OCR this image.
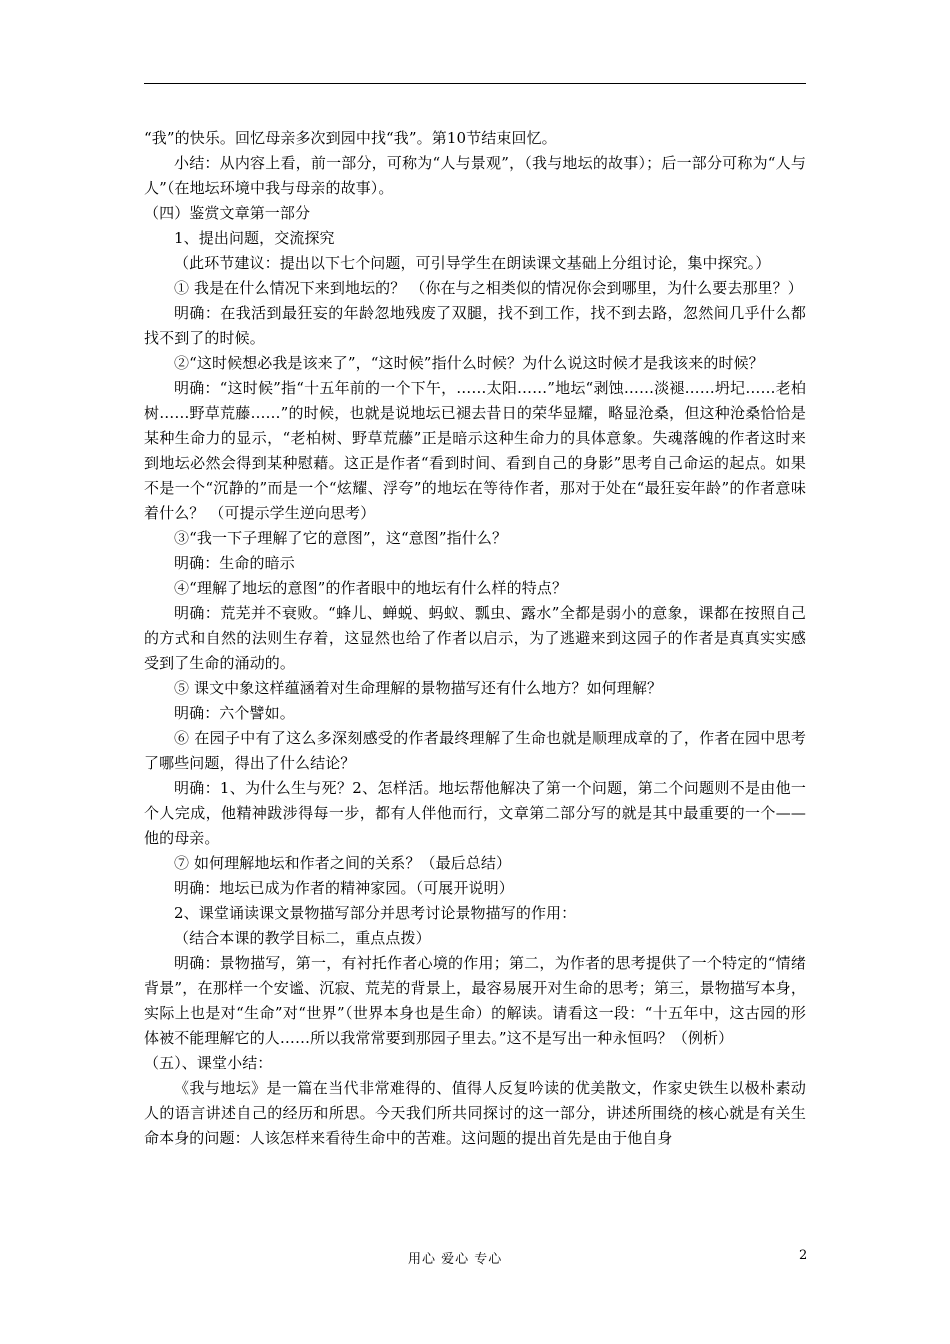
“我”的快乐。回忆母亲多次到园中找“我”。第10节结束回忆。

小结：从内容上看，前一部分，可称为“人与景观”，（我与地坛的故事）；后一部分可称为“人与人”（在地坛环境中我与母亲的故事）。

（四）鉴赏文章第一部分

1、提出问题，交流探究

（此环节建议：提出以下七个问题，可引导学生在朗读课文基础上分组讨论，集中探究。）

① 我是在什么情况下来到地坛的？ （你在与之相类似的情况你会到哪里，为什么要去那里？）

明确：在我活到最狂妄的年龄忽地残废了双腿，找不到工作，找不到去路，忽然间几乎什么都找不到了的时候。

②“这时候想必我是该来了”，“这时候”指什么时候？为什么说这时候才是我该来的时候？

明确：“这时候”指“十五年前的一个下午，……太阳……”地坛“剥蚀……淡褪……坍圮……老柏树……野草荒藤……”的时候，也就是说地坛已褪去昔日的荣华显耀，略显沧桑，但这种沧桑恰恰是某种生命力的显示，“老柏树、野草荒藤”正是暗示这种生命力的具体意象。失魂落魄的作者这时来到地坛必然会得到某种慰藉。这正是作者“看到时间、看到自己的身影”思考自己命运的起点。如果不是一个“沉静的”而是一个“炫耀、浮夸”的地坛在等待作者，那对于处在“最狂妄年龄”的作者意味着什么？ （可提示学生逆向思考）

③“我一下子理解了它的意图”，这“意图”指什么？

明确：生命的暗示

④“理解了地坛的意图”的作者眼中的地坛有什么样的特点？

明确：荒芜并不衰败。“蜂儿、蝉蜕、蚂蚁、瓢虫、露水”全都是弱小的意象，课都在按照自己的方式和自然的法则生存着，这显然也给了作者以启示，为了逃避来到这园子的作者是真真实实感受到了生命的涌动的。

⑤ 课文中象这样蕴涵着对生命理解的景物描写还有什么地方？如何理解？

明确：六个譬如。

⑥ 在园子中有了这么多深刻感受的作者最终理解了生命也就是顺理成章的了，作者在园中思考了哪些问题，得出了什么结论？

明确：1、为什么生与死？2、怎样活。地坛帮他解决了第一个问题，第二个问题则不是由他一个人完成，他精神跋涉得每一步，都有人伴他而行，文章第二部分写的就是其中最重要的一个——他的母亲。

⑦ 如何理解地坛和作者之间的关系？（最后总结）

明确：地坛已成为作者的精神家园。（可展开说明）

2、课堂诵读课文景物描写部分并思考讨论景物描写的作用：

（结合本课的教学目标二，重点点拨）

明确：景物描写，第一，有衬托作者心境的作用；第二，为作者的思考提供了一个特定的“情绪背景”，在那样一个安谧、沉寂、荒芜的背景上，最容易展开对生命的思考；第三，景物描写本身，实际上也是对“生命”对“世界”（世界本身也是生命）的解读。请看这一段：“十五年中，这古园的形体被不能理解它的人……所以我常常要到那园子里去。”这不是写出一种永恒吗？（例析）

（五）、课堂小结：

《我与地坛》是一篇在当代非常难得的、值得人反复吟读的优美散文，作家史铁生以极朴素动人的语言讲述自己的经历和所思。今天我们所共同探讨的这一部分，讲述所围绕的核心就是有关生命本身的问题：人该怎样来看待生命中的苦难。这问题的提出首先是由于他自身

用心 爱心 专心	2
